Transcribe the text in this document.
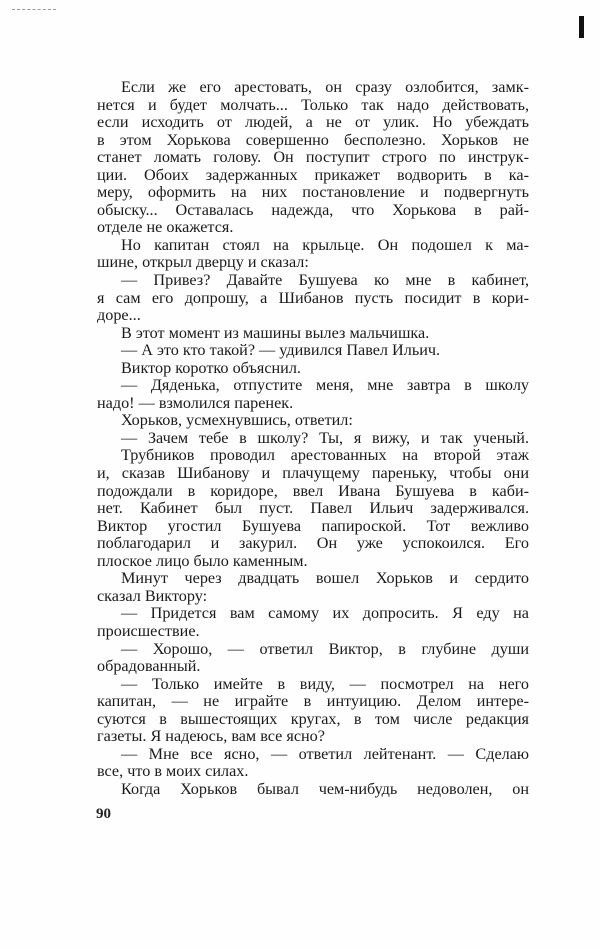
Если же его арестовать, он сразу озлобится, замк-
нется и будет молчать... Только так надо действовать,
если исходить от людей, а не от улик. Но убеждать
в этом Хорькова совершенно бесполезно. Хорьков не
станет ломать голову. Он поступит строго по инструк-
ции. Обоих задержанных прикажет водворить в ка-
меру, оформить на них постановление и подвергнуть
обыску... Оставалась надежда, что Хорькова в рай-
отделе не окажется.
Но капитан стоял на крыльце. Он подошел к ма-
шине, открыл дверцу и сказал:
— Привез? Давайте Бушуева ко мне в кабинет,
я сам его допрошу, а Шибанов пусть посидит в кори-
доре...
В этот момент из машины вылез мальчишка.
— А это кто такой? — удивился Павел Ильич.
Виктор коротко объяснил.
— Дяденька, отпустите меня, мне завтра в школу
надо! — взмолился паренек.
Хорьков, усмехнувшись, ответил:
— Зачем тебе в школу? Ты, я вижу, и так ученый.
Трубников проводил арестованных на второй этаж
и, сказав Шибанову и плачущему пареньку, чтобы они
подождали в коридоре, ввел Ивана Бушуева в каби-
нет. Кабинет был пуст. Павел Ильич задерживался.
Виктор угостил Бушуева папироской. Тот вежливо
поблагодарил и закурил. Он уже успокоился. Его
плоское лицо было каменным.
Минут через двадцать вошел Хорьков и сердито
сказал Виктору:
— Придется вам самому их допросить. Я еду на
происшествие.
— Хорошо, — ответил Виктор, в глубине души
обрадованный.
— Только имейте в виду, — посмотрел на него
капитан, — не играйте в интуицию. Делом интере-
суются в вышестоящих кругах, в том числе редакция
газеты. Я надеюсь, вам все ясно?
— Мне все ясно, — ответил лейтенант. — Сделаю
все, что в моих силах.
Когда Хорьков бывал чем-нибудь недоволен, он
90
